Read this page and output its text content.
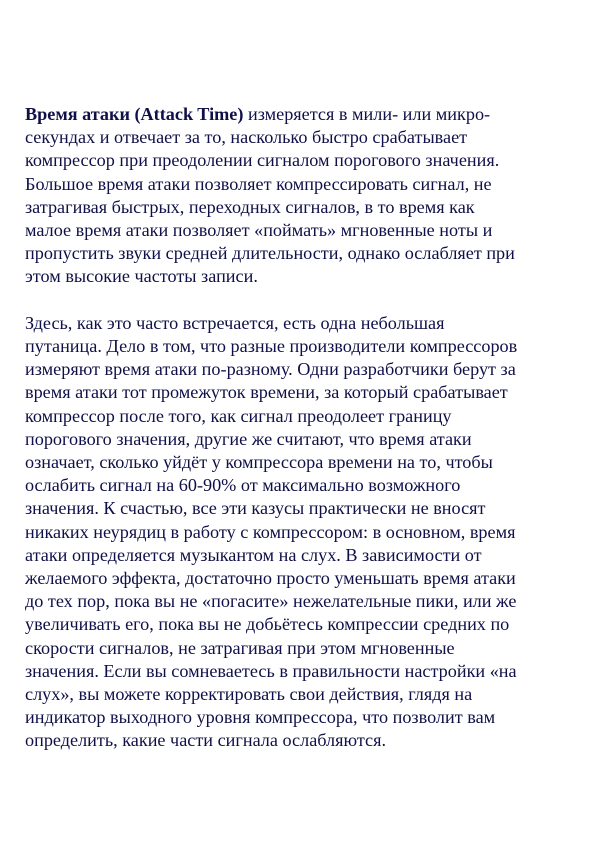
Время атаки (Attack Time) измеряется в мили- или микро-
секундах и отвечает за то, насколько быстро срабатывает
компрессор при преодолении сигналом порогового значения.
Большое время атаки позволяет компрессировать сигнал, не
затрагивая быстрых, переходных сигналов, в то время как
малое время атаки позволяет «поймать» мгновенные ноты и
пропустить звуки средней длительности, однако ослабляет при
этом высокие частоты записи.
Здесь, как это часто встречается, есть одна небольшая
путаница. Дело в том, что разные производители компрессоров
измеряют время атаки по-разному. Одни разработчики берут за
время атаки тот промежуток времени, за который срабатывает
компрессор после того, как сигнал преодолеет границу
порогового значения, другие же считают, что время атаки
означает, сколько уйдёт у компрессора времени на то, чтобы
ослабить сигнал на 60-90% от максимально возможного
значения. К счастью, все эти казусы практически не вносят
никаких неурядиц в работу с компрессором: в основном, время
атаки определяется музыкантом на слух. В зависимости от
желаемого эффекта, достаточно просто уменьшать время атаки
до тех пор, пока вы не «погасите» нежелательные пики, или же
увеличивать его, пока вы не добьётесь компрессии средних по
скорости сигналов, не затрагивая при этом мгновенные
значения. Если вы сомневаетесь в правильности настройки «на
слух», вы можете корректировать свои действия, глядя на
индикатор выходного уровня компрессора, что позволит вам
определить, какие части сигнала ослабляются.
